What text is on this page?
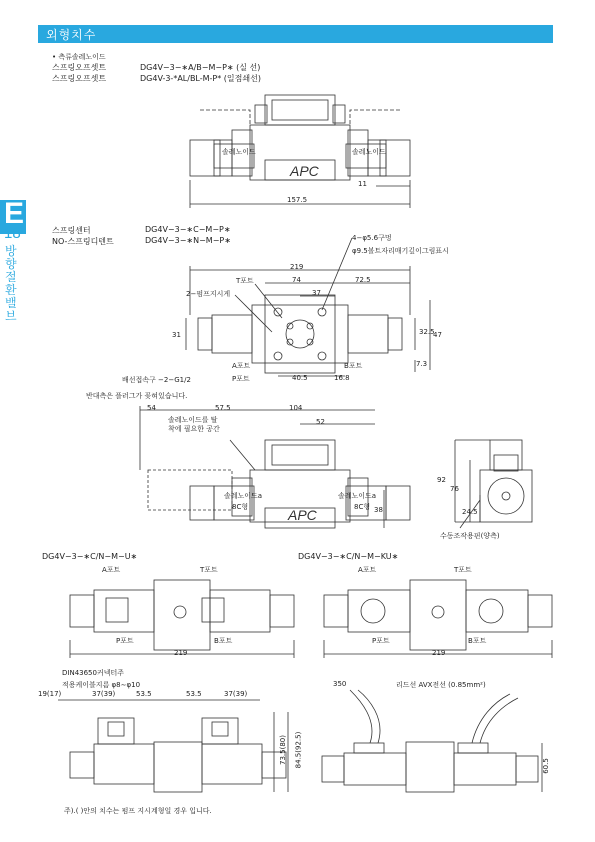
외형치수
E
18
방향절환밸브
• 측류솔레노이드
스프링오프셋트	DG4V−3−∗A/B−M−P∗ (실 선)
스프링오프셋트	DG4V-3-*AL/BL-M-P* (일점쇄선)
APC
솔레노이드	솔레노이드
157.5
11
스프링센터	DG4V−3−∗C−M−P∗
NO-스프링디텐트	DG4V−3−∗N−M−P∗	4−φ5.6구멍
φ9.5볼트자리매기깊이그림표시
219
T포트	74	72.5
2−펌프지시게	37
31	32.5
47
A포트
P포트
B포트
40.5	16.8
7.3
배선접속구 −2−G1/2
반대측은 플러그가 꽂혀있습니다.
54	57.5	104
52
솔레노이드를 탈착에 필요한 공간
APC
솔레노이드a
8C형
솔레노이드a
8C형 38
92
76
24.5
수동조작용핀(양측)
DG4V−3−∗C/N−M−U∗	DG4V−3−∗C/N−M−KU∗
A포트	T포트
P포트	B포트
219
A포트	T포트
P포트	B포트
219
DIN43650커넥터주
적용케이블지름 φ8∼φ10	350	리드선 AVX전선 (0.85mm²)
19(17)	37(39)	53.5	53.5	37(39)
73.5(80) 84.5(92.5)	60.5
주).( )안의 치수는 펌프 지시계형일 경우 입니다.
